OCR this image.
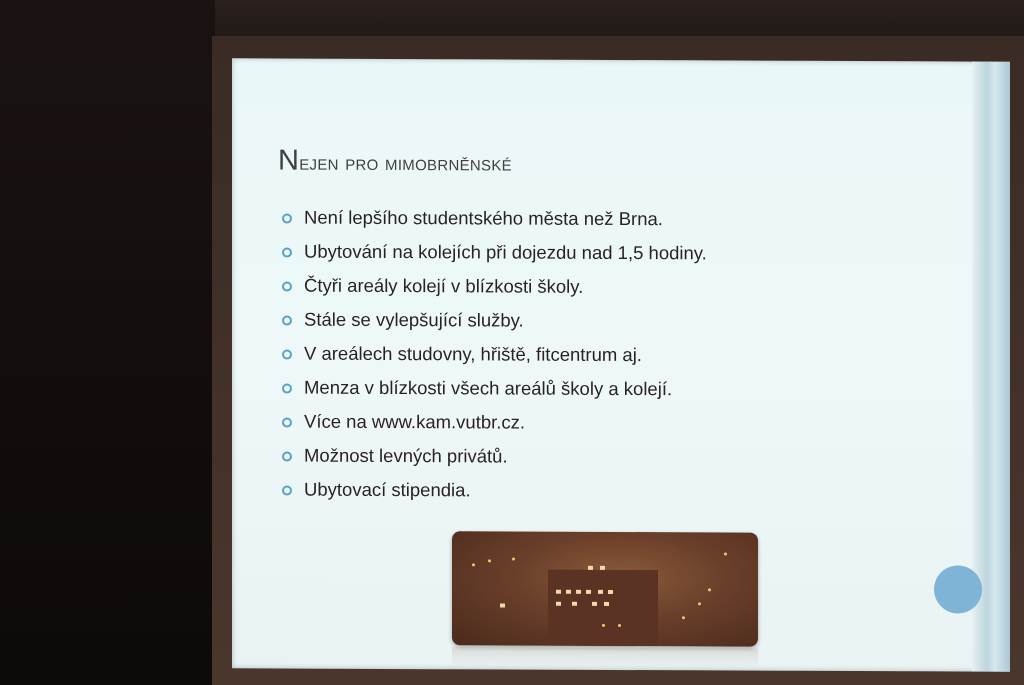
Nejen pro mimobrněnské
Není lepšího studentského města než Brna.
Ubytování na kolejích při dojezdu nad 1,5 hodiny.
Čtyři areály kolejí v blízkosti školy.
Stále se vylepšující služby.
V areálech studovny, hřiště, fitcentrum aj.
Menza v blízkosti všech areálů školy a kolejí.
Více na www.kam.vutbr.cz.
Možnost levných privátů.
Ubytovací stipendia.
